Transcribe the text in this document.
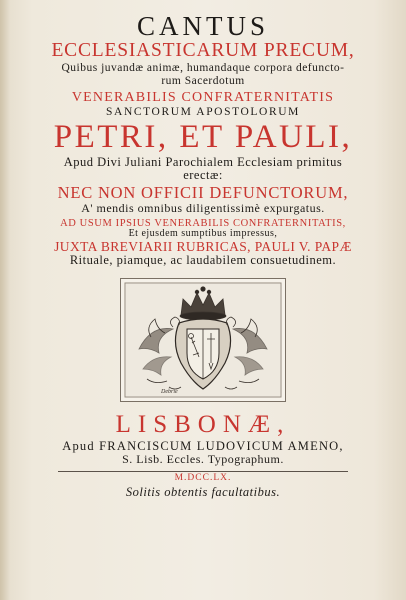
CANTUS
ECCLESIASTICARUM PRECUM,
Quibus juvandæ animæ, humandaque corpora defuncto-
rum Sacerdotum
VENERABILIS CONFRATERNITATIS
SANCTORUM APOSTOLORUM
PETRI, ET PAULI,
Apud Divi Juliani Parochialem Ecclesiam primitus
erectæ:
NEC NON OFFICII DEFUNCTORUM,
A' mendis omnibus diligentissimè expurgatus.
AD USUM IPSIUS VENERABILIS CONFRATERNITATIS,
Et ejusdem sumptibus impressus,
JUXTA BREVIARII RUBRICAS, PAULI V. PAPÆ
Rituale, piamque, ac laudabilem consuetudinem.
Debrie
LISBONÆ,
Apud FRANCISCUM LUDOVICUM AMENO,
S. Lisb. Eccles. Typographum.
M.DCC.LX.
Solitis obtentis facultatibus.
